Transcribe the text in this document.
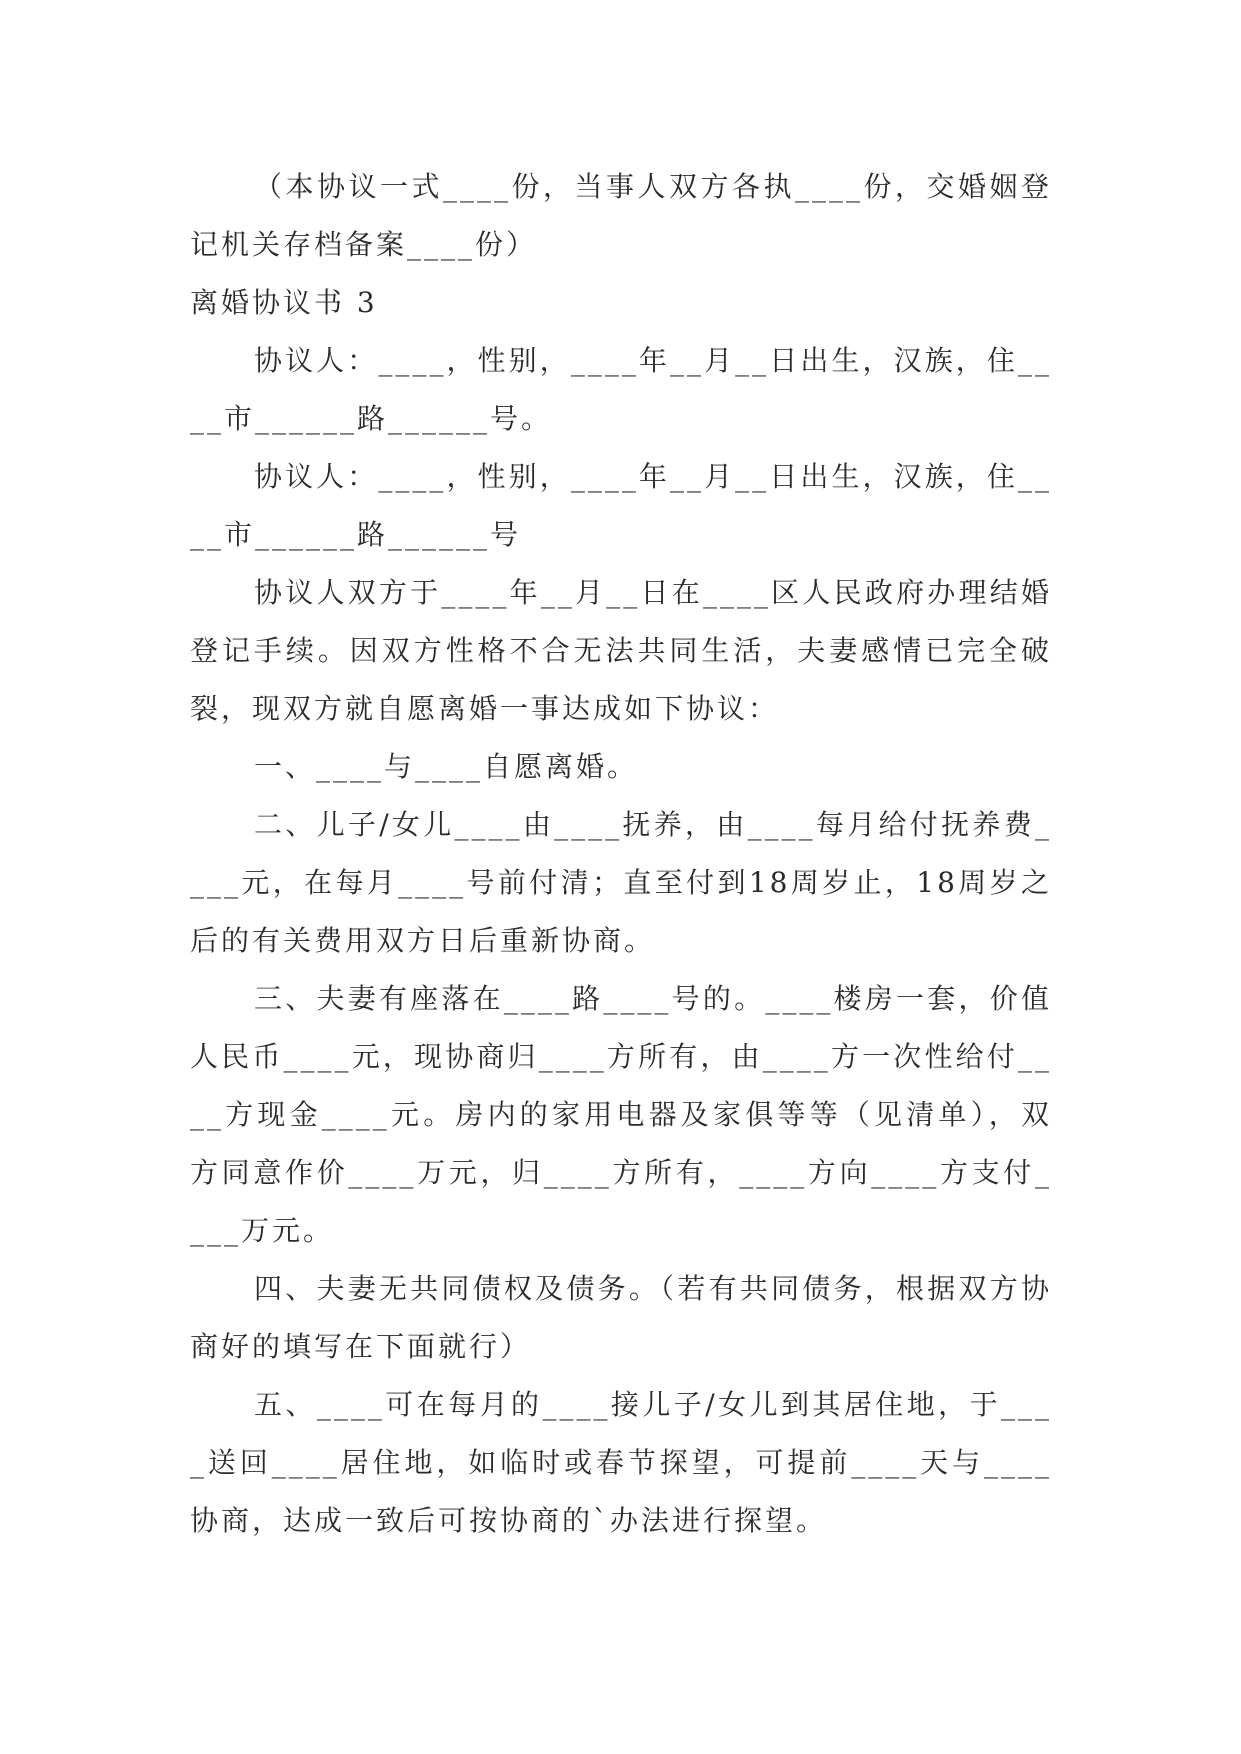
（本协议一式____份，当事人双方各执____份，交婚姻登记机关存档备案____份）

离婚协议书 3

协议人：____，性别，____年__月__日出生，汉族，住____市______路______号。

协议人：____，性别，____年__月__日出生，汉族，住____市______路______号

协议人双方于____年__月__日在____区人民政府办理结婚登记手续。因双方性格不合无法共同生活，夫妻感情已完全破裂，现双方就自愿离婚一事达成如下协议：

一、____与____自愿离婚。

二、儿子/女儿____由____抚养，由____每月给付抚养费____元，在每月____号前付清；直至付到18周岁止，18周岁之后的有关费用双方日后重新协商。

三、夫妻有座落在____路____号的。____楼房一套，价值人民币____元，现协商归____方所有，由____方一次性给付____方现金____元。房内的家用电器及家俱等等（见清单），双方同意作价____万元，归____方所有，____方向____方支付____万元。

四、夫妻无共同债权及债务。（若有共同债务，根据双方协商好的填写在下面就行）

五、____可在每月的____接儿子/女儿到其居住地，于____送回____居住地，如临时或春节探望，可提前____天与____协商，达成一致后可按协商的`办法进行探望。
